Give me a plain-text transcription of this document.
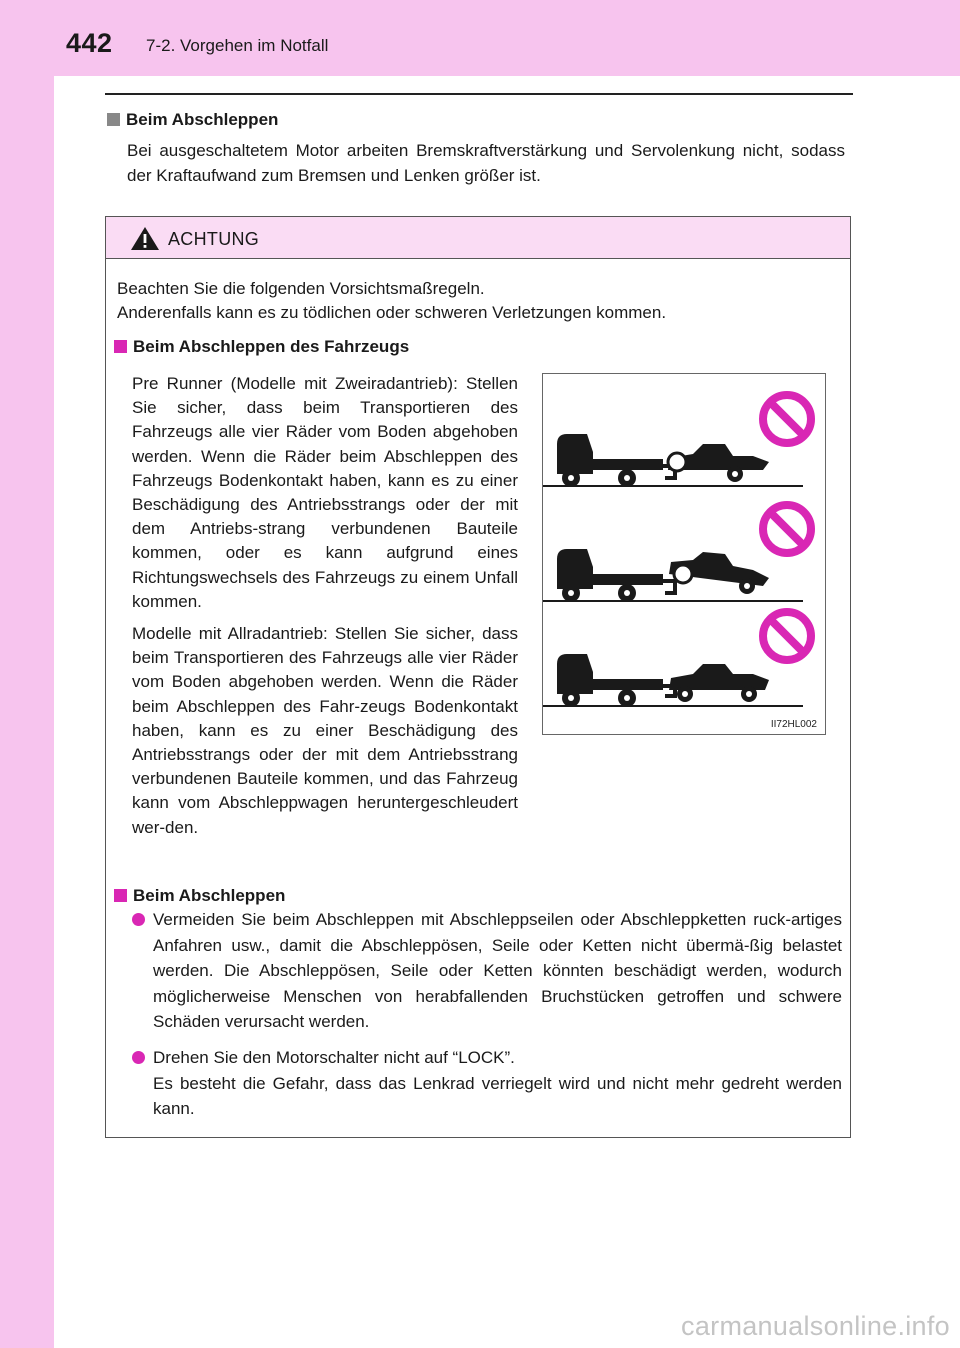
442 7-2. Vorgehen im Notfall
Beim Abschleppen
Bei ausgeschaltetem Motor arbeiten Bremskraftverstärkung und Servolenkung nicht, sodass der Kraftaufwand zum Bremsen und Lenken größer ist.
ACHTUNG
Beachten Sie die folgenden Vorsichtsmaßregeln.
Anderenfalls kann es zu tödlichen oder schweren Verletzungen kommen.
Beim Abschleppen des Fahrzeugs
Pre Runner (Modelle mit Zweiradantrieb): Stellen Sie sicher, dass beim Transportieren des Fahrzeugs alle vier Räder vom Boden abgehoben werden. Wenn die Räder beim Abschleppen des Fahrzeugs Bodenkontakt haben, kann es zu einer Beschädigung des Antriebsstrangs oder der mit dem Antriebs-strang verbundenen Bauteile kommen, oder es kann aufgrund eines Richtungswechsels des Fahrzeugs zu einem Unfall kommen.
Modelle mit Allradantrieb: Stellen Sie sicher, dass beim Transportieren des Fahrzeugs alle vier Räder vom Boden abgehoben werden. Wenn die Räder beim Abschleppen des Fahr-zeugs Bodenkontakt haben, kann es zu einer Beschädigung des Antriebsstrangs oder der mit dem Antriebsstrang verbundenen Bauteile kommen, und das Fahrzeug kann vom Abschleppwagen heruntergeschleudert wer-den.
II72HL002
Beim Abschleppen
Vermeiden Sie beim Abschleppen mit Abschleppseilen oder Abschleppketten ruck-artiges Anfahren usw., damit die Abschleppösen, Seile oder Ketten nicht übermä-ßig belastet werden. Die Abschleppösen, Seile oder Ketten könnten beschädigt werden, wodurch möglicherweise Menschen von herabfallenden Bruchstücken getroffen und schwere Schäden verursacht werden.
Drehen Sie den Motorschalter nicht auf “LOCK”.
Es besteht die Gefahr, dass das Lenkrad verriegelt wird und nicht mehr gedreht werden kann.
carmanualsonline.info
